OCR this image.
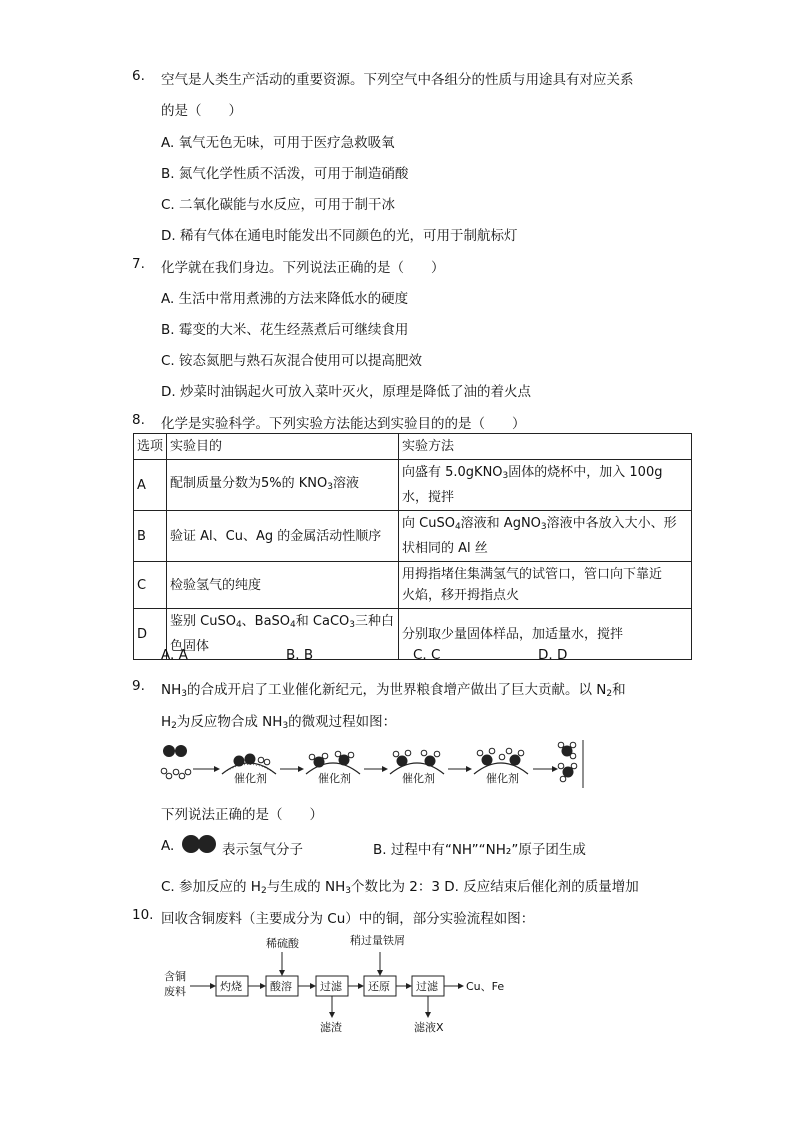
6. 空气是人类生产活动的重要资源。下列空气中各组分的性质与用途具有对应关系
的是（　　）
A. 氧气无色无味，可用于医疗急救吸氧
B. 氮气化学性质不活泼，可用于制造硝酸
C. 二氧化碳能与水反应，可用于制干冰
D. 稀有气体在通电时能发出不同颜色的光，可用于制航标灯
7. 化学就在我们身边。下列说法正确的是（　　）
A. 生活中常用煮沸的方法来降低水的硬度
B. 霉变的大米、花生经蒸煮后可继续食用
C. 铵态氮肥与熟石灰混合使用可以提高肥效
D. 炒菜时油锅起火可放入菜叶灭火，原理是降低了油的着火点
8. 化学是实验科学。下列实验方法能达到实验目的的是（　　）
选项	实验目的	实验方法
A	配制质量分数为5%的 $KNO_3$溶液	向盛有 5.0gKNO$_3$固体的烧杯中，加入 100g
水，搅拌
B	验证 Al、Cu、Ag 的金属活动性顺序	向 CuSO$_4$溶液和 AgNO$_3$溶液中各放入大小、形
状相同的 Al 丝
C	检验氢气的纯度	用拇指堵住集满氢气的试管口，管口向下靠近
火焰，移开拇指点火
D	鉴别 CuSO$_4$、BaSO$_4$和 CaCO$_3$三种白
色固体	分别取少量固体样品，加适量水，搅拌
A. A	B. B	C. C	D. D
9. $NH_3$的合成开启了工业催化新纪元，为世界粮食增产做出了巨大贡献。以 $N_2$和
$H_2$为反应物合成 $NH_3$的微观过程如图：
催化剂	催化剂	催化剂	催化剂
下列说法正确的是（　　）
A.	表示氢气分子	B. 过程中有“NH”“NH₂”原子团生成
C. 参加反应的 $H_2$与生成的 $NH_3$个数比为 2：3 D. 反应结束后催化剂的质量增加
10. 回收含铜废料（主要成分为 Cu）中的铜，部分实验流程如图：
含铜
废料	灼烧	酸溶
稀硫酸
过滤
滤渣
还原
稍过量铁屑
过滤
滤液X
Cu、Fe
